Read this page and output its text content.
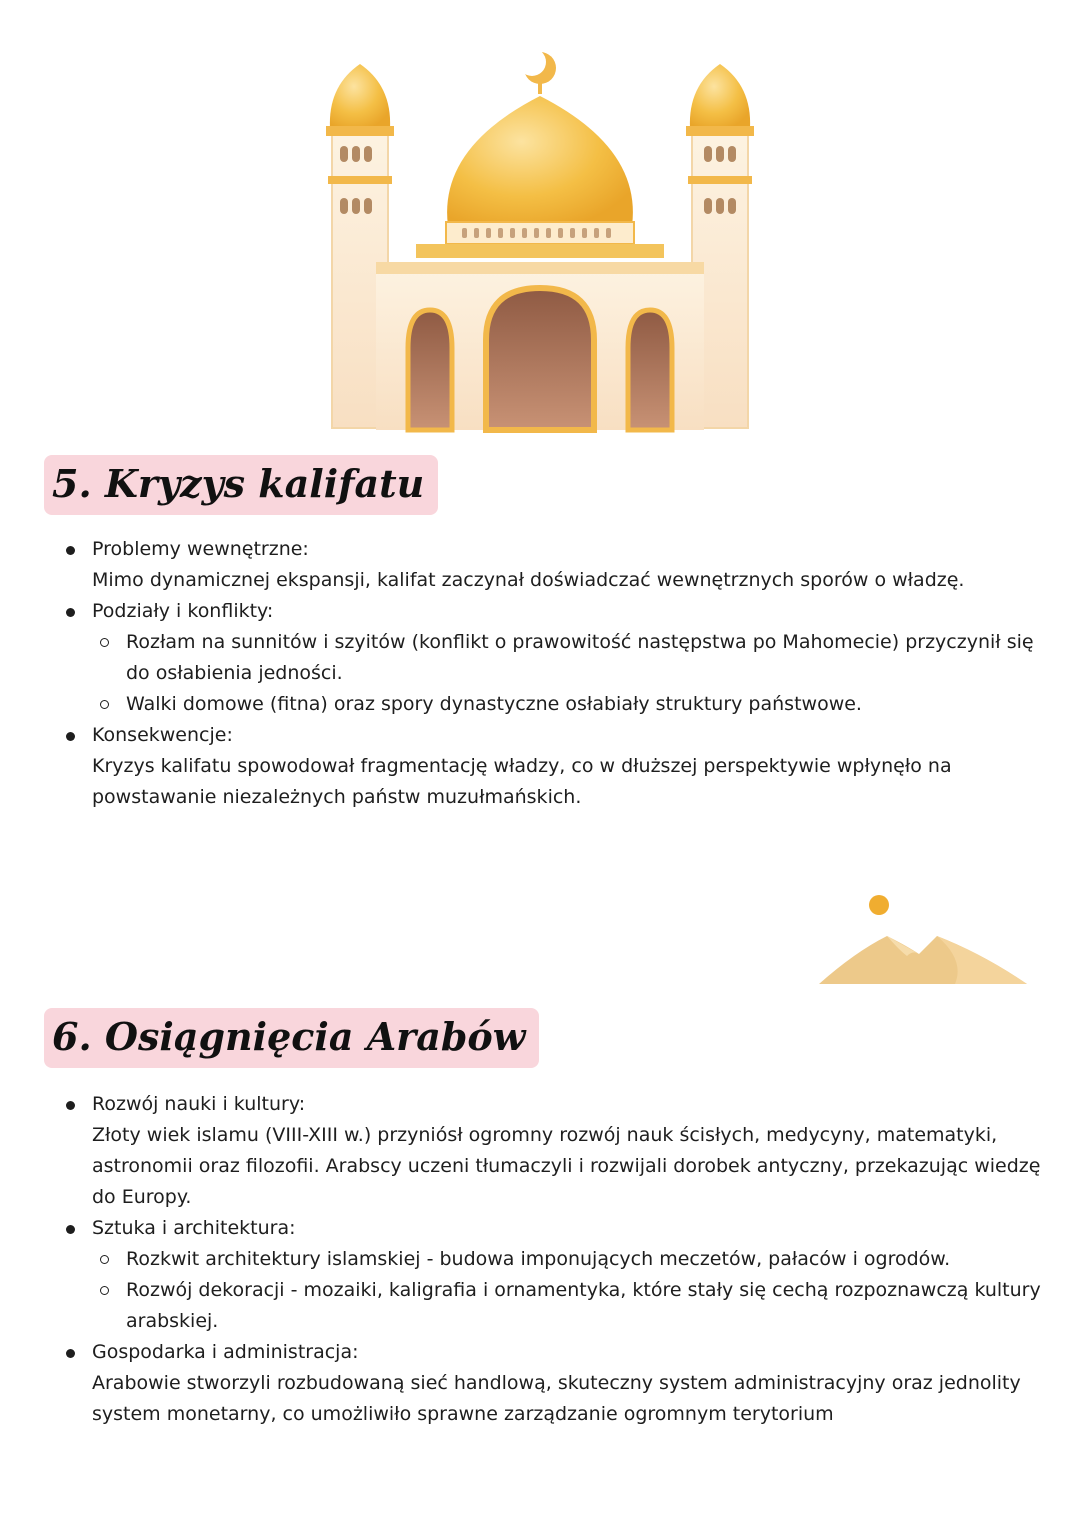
5. Kryzys kalifatu
Problemy wewnętrzne:
Mimo dynamicznej ekspansji, kalifat zaczynał doświadczać wewnętrznych sporów o władzę.
Podziały i konflikty:
Rozłam na sunnitów i szyitów (konflikt o prawowitość następstwa po Mahomecie) przyczynił się do osłabienia jedności.
Walki domowe (fitna) oraz spory dynastyczne osłabiały struktury państwowe.
Konsekwencje:
Kryzys kalifatu spowodował fragmentację władzy, co w dłuższej perspektywie wpłynęło na powstawanie niezależnych państw muzułmańskich.
6. Osiągnięcia Arabów
Rozwój nauki i kultury:
Złoty wiek islamu (VIII-XIII w.) przyniósł ogromny rozwój nauk ścisłych, medycyny, matematyki, astronomii oraz filozofii. Arabscy uczeni tłumaczyli i rozwijali dorobek antyczny, przekazując wiedzę do Europy.
Sztuka i architektura:
Rozkwit architektury islamskiej - budowa imponujących meczetów, pałaców i ogrodów.
Rozwój dekoracji - mozaiki, kaligrafia i ornamentyka, które stały się cechą rozpoznawczą kultury arabskiej.
Gospodarka i administracja:
Arabowie stworzyli rozbudowaną sieć handlową, skuteczny system administracyjny oraz jednolity system monetarny, co umożliwiło sprawne zarządzanie ogromnym terytorium
